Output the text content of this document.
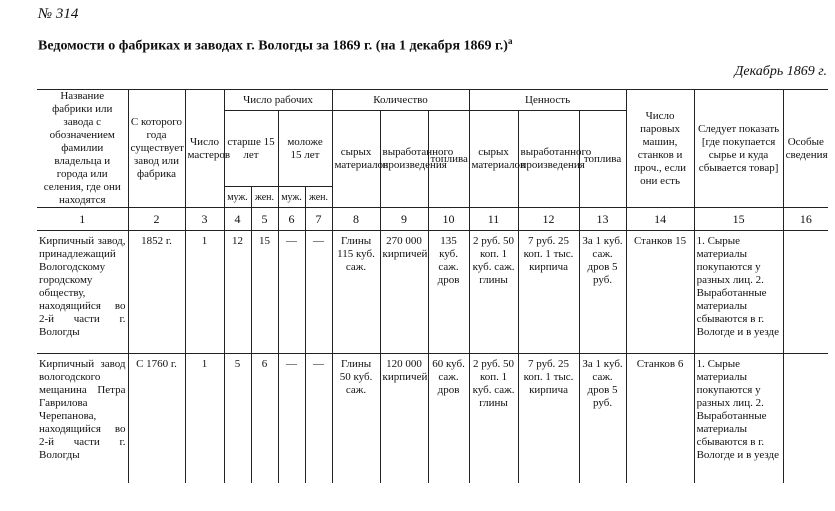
№ 314
Ведомости о фабриках и заводах г. Вологды за 1869 г. (на 1 декабря 1869 г.)$^a$
Декабрь 1869 г.
Название фабрики или завода с обозначением фамилии владельца и города или селения, где они находятся	С которого года существует завод или фабрика	Число мастеров	Число рабочих				Количество			Ценность			Число паровых машин, станков и проч., если они есть	Следует показать [где покупается сырье и куда сбывается товар]	Особые сведения
			старше 15 лет		моложе 15 лет		сырых материалов	выработанного произведения	топлива	сырых материалов	выработанного произведения	топлива			
			муж.	жен.	муж.	жен.									
1	2	3	4	5	6	7	8	9	10	11	12	13	14	15	16
Кирпичный завод, принадлежащий Вологодскому городскому обществу, находящийся во 2-й части г. Вологды	1852 г.	1	12	15	—	—	Глины 115 куб. саж.	270 000 кирпичей	135 куб. саж. дров	2 руб. 50 коп. 1 куб. саж. глины	7 руб. 25 коп. 1 тыс. кирпича	За 1 куб. саж. дров 5 руб.	Станков 15	1. Сырые материалы покупаются у разных лиц. 2. Выработанные материалы сбываются в г. Вологде и в уезде	
Кирпичный завод вологодского мещанина Петра Гаврилова Черепанова, находящийся во 2-й части г. Вологды	С 1760 г.	1	5	6	—	—	Глины 50 куб. саж.	120 000 кирпичей	60 куб. саж. дров	2 руб. 50 коп. 1 куб. саж. глины	7 руб. 25 коп. 1 тыс. кирпича	За 1 куб. саж. дров 5 руб.	Станков 6	1. Сырые материалы покупаются у разных лиц. 2. Выработанные материалы сбываются в г. Вологде и в уезде	
